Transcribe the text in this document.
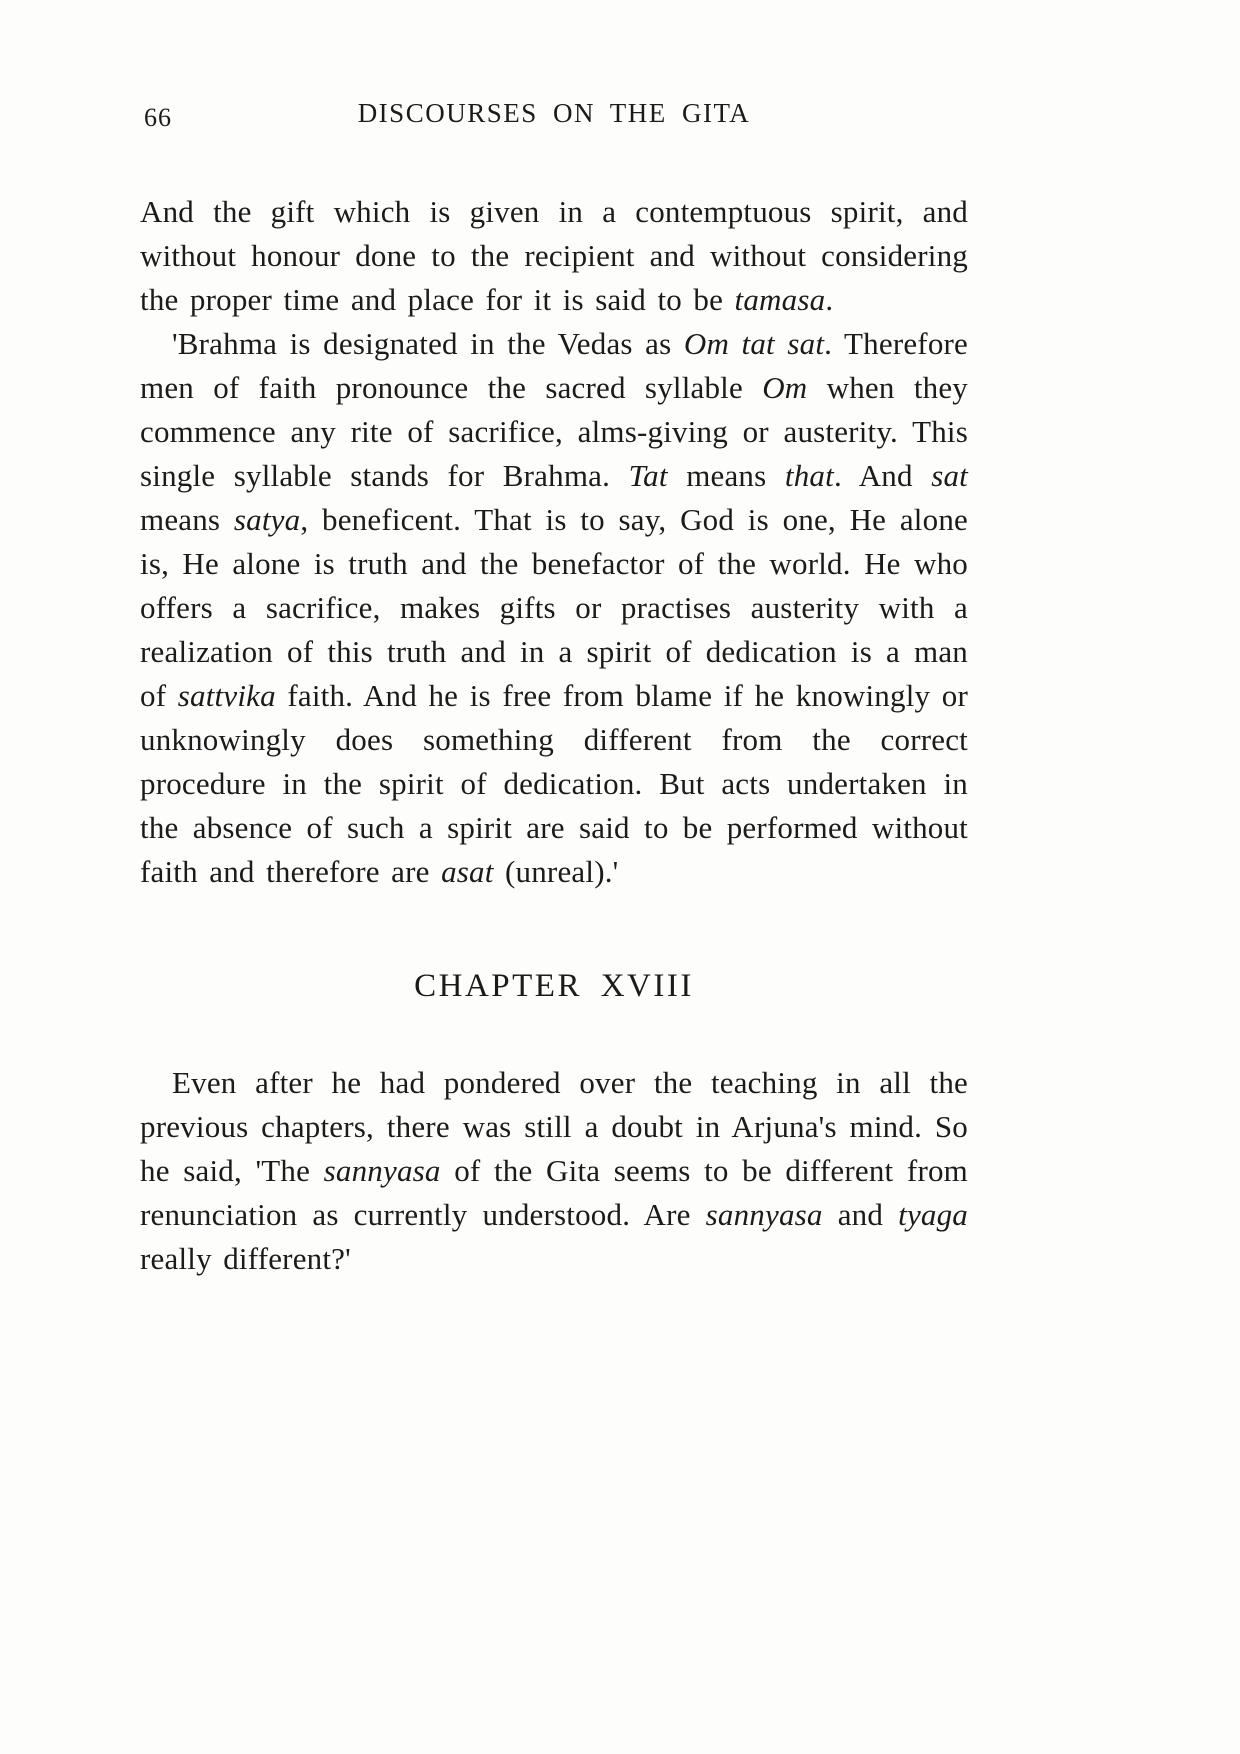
66	DISCOURSES ON THE GITA

And the gift which is given in a contemptuous spirit, and without honour done to the recipient and without considering the proper time and place for it is said to be tamasa.

'Brahma is designated in the Vedas as Om tat sat. Therefore men of faith pronounce the sacred syllable Om when they commence any rite of sacrifice, alms-giving or austerity. This single syllable stands for Brahma. Tat means that. And sat means satya, beneficent. That is to say, God is one, He alone is, He alone is truth and the benefactor of the world. He who offers a sacrifice, makes gifts or practises austerity with a realization of this truth and in a spirit of dedication is a man of sattvika faith. And he is free from blame if he knowingly or unknowingly does something different from the correct procedure in the spirit of dedication. But acts undertaken in the absence of such a spirit are said to be performed without faith and therefore are asat (unreal).'

CHAPTER XVIII

Even after he had pondered over the teaching in all the previous chapters, there was still a doubt in Arjuna's mind. So he said, 'The sannyasa of the Gita seems to be different from renunciation as currently understood. Are sannyasa and tyaga really different?'
